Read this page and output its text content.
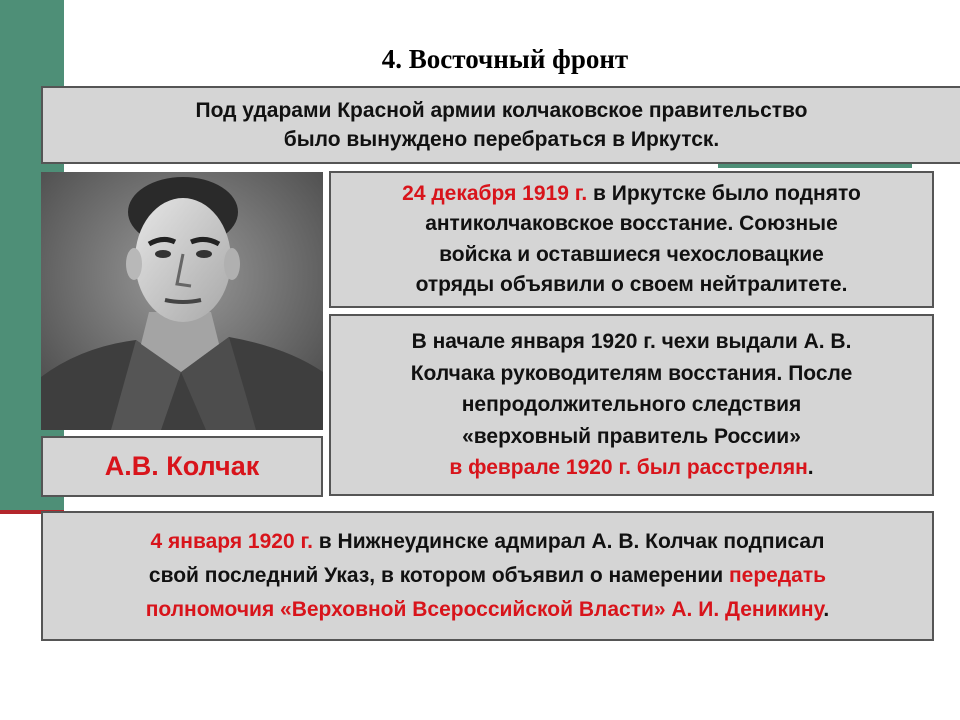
4. Восточный фронт
Под ударами Красной армии колчаковское правительство
было вынуждено перебраться в Иркутск.
24 декабря 1919 г. в Иркутске было поднято
антиколчаковское восстание. Союзные
войска и оставшиеся чехословацкие
отряды объявили о своем нейтралитете.
В начале января 1920 г. чехи выдали А. В.
Колчака руководителям восстания. После
непродолжительного следствия
«верховный правитель России»
в феврале 1920 г. был расстрелян.
А.В. Колчак
4 января 1920 г. в Нижнеудинске адмирал А. В. Колчак подписал
свой последний Указ, в котором объявил о намерении передать
полномочия «Верховной Всероссийской Власти» А. И. Деникину.
